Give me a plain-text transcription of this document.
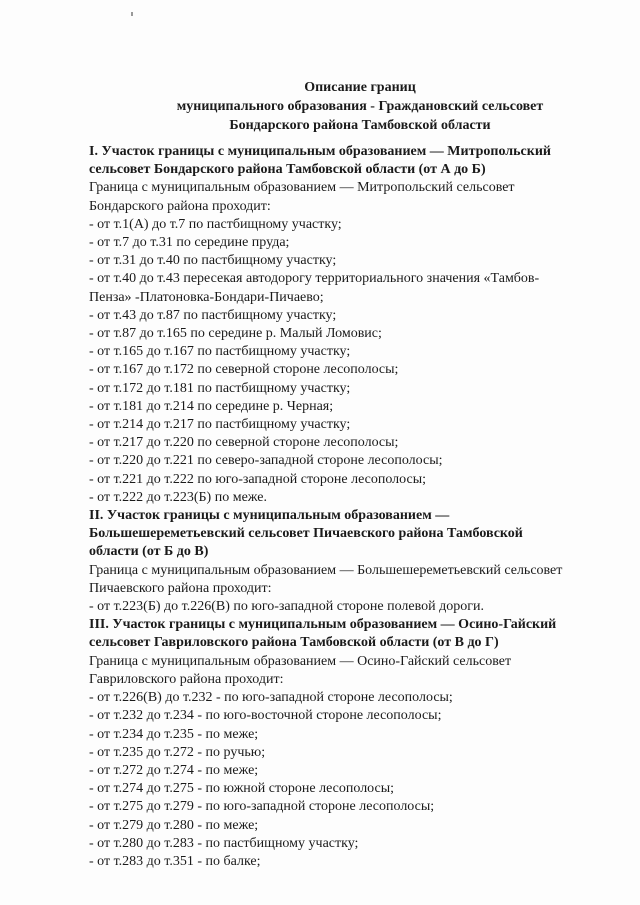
Описание границ
муниципального образования - Граждановский сельсовет
Бондарского района Тамбовской области
I. Участок границы с муниципальным образованием — Митропольский
сельсовет Бондарского района Тамбовской области (от А до Б)
Граница с муниципальным образованием — Митропольский сельсовет
Бондарского района проходит:
- от т.1(А) до т.7 по пастбищному участку;
- от т.7 до т.31 по середине пруда;
- от т.31 до т.40 по пастбищному участку;
- от т.40 до т.43 пересекая автодорогу территориального значения «Тамбов-
Пенза» -Платоновка-Бондари-Пичаево;
- от т.43 до т.87 по пастбищному участку;
- от т.87 до т.165 по середине р. Малый Ломовис;
- от т.165 до т.167 по пастбищному участку;
- от т.167 до т.172 по северной стороне лесополосы;
- от т.172 до т.181 по пастбищному участку;
- от т.181 до т.214 по середине р. Черная;
- от т.214 до т.217 по пастбищному участку;
- от т.217 до т.220 по северной стороне лесополосы;
- от т.220 до т.221 по северо-западной стороне лесополосы;
- от т.221 до т.222 по юго-западной стороне лесополосы;
- от т.222 до т.223(Б) по меже.
II. Участок границы с муниципальным образованием —
Большешереметьевский сельсовет Пичаевского района Тамбовской
области (от Б до В)
Граница с муниципальным образованием — Большешереметьевский сельсовет
Пичаевского района проходит:
- от т.223(Б) до т.226(В) по юго-западной стороне полевой дороги.
III. Участок границы с муниципальным образованием — Осино-Гайский
сельсовет Гавриловского района Тамбовской области (от В до Г)
Граница с муниципальным образованием — Осино-Гайский сельсовет
Гавриловского района проходит:
- от т.226(В) до т.232 - по юго-западной стороне лесополосы;
- от т.232 до т.234 - по юго-восточной стороне лесополосы;
- от т.234 до т.235 - по меже;
- от т.235 до т.272 - по ручью;
- от т.272 до т.274 - по меже;
- от т.274 до т.275 - по южной стороне лесополосы;
- от т.275 до т.279 - по юго-западной стороне лесополосы;
- от т.279 до т.280 - по меже;
- от т.280 до т.283 - по пастбищному участку;
- от т.283 до т.351 - по балке;
